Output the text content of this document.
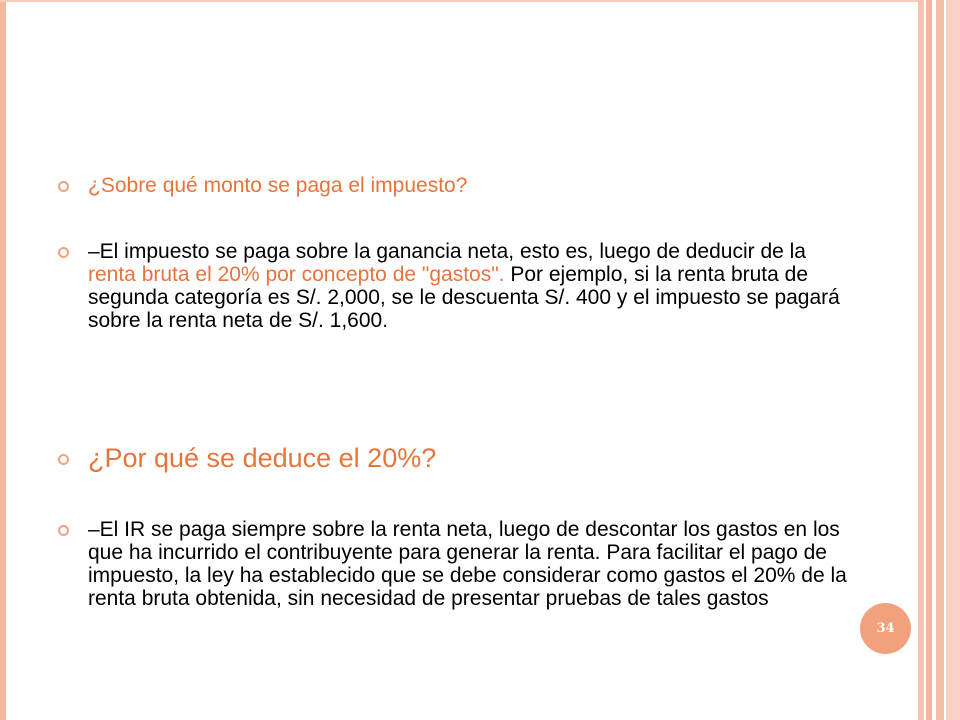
¿Sobre qué monto se paga el impuesto?
–El impuesto se paga sobre la ganancia neta, esto es, luego de deducir de la renta bruta el 20% por concepto de "gastos". Por ejemplo, si la renta bruta de segunda categoría es S/. 2,000, se le descuenta S/. 400 y el impuesto se pagará sobre la renta neta de S/. 1,600.
¿Por qué se deduce el 20%?
–El IR se paga siempre sobre la renta neta, luego de descontar los gastos en los que ha incurrido el contribuyente para generar la renta. Para facilitar el pago de impuesto, la ley ha establecido que se debe considerar como gastos el 20% de la renta bruta obtenida, sin necesidad de presentar pruebas de tales gastos
34
